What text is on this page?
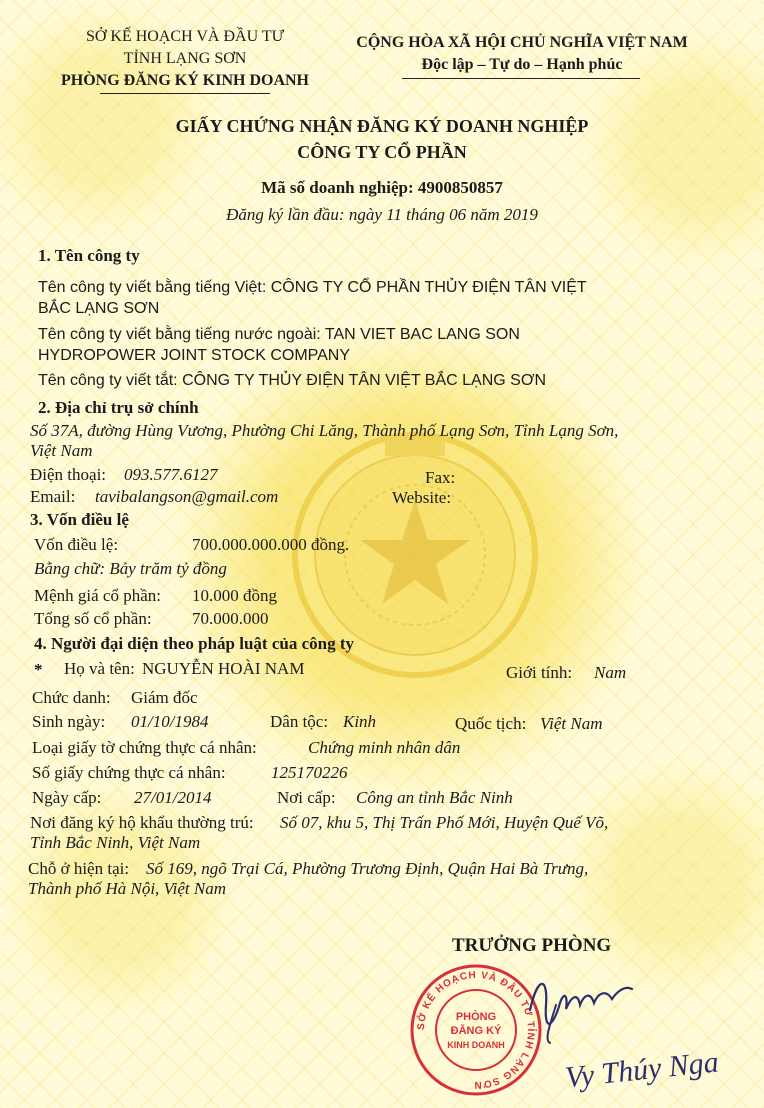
SỞ KẾ HOẠCH VÀ ĐẦU TƯ
TỈNH LẠNG SƠN
PHÒNG ĐĂNG KÝ KINH DOANH
CỘNG HÒA XÃ HỘI CHỦ NGHĨA VIỆT NAM
Độc lập – Tự do – Hạnh phúc
GIẤY CHỨNG NHẬN ĐĂNG KÝ DOANH NGHIỆP
CÔNG TY CỔ PHẦN
Mã số doanh nghiệp: 4900850857
Đăng ký lần đầu: ngày 11 tháng 06 năm 2019
1. Tên công ty
Tên công ty viết bằng tiếng Việt: CÔNG TY CỔ PHẦN THỦY ĐIỆN TÂN VIỆT
BẮC LẠNG SƠN
Tên công ty viết bằng tiếng nước ngoài: TAN VIET BAC LANG SON
HYDROPOWER JOINT STOCK COMPANY
Tên công ty viết tắt: CÔNG TY THỦY ĐIỆN TÂN VIỆT BẮC LẠNG SƠN
2. Địa chỉ trụ sở chính
Số 37A, đường Hùng Vương, Phường Chi Lăng, Thành phố Lạng Sơn, Tỉnh Lạng Sơn,
Việt Nam
Điện thoại: 093.577.6127	Fax:
Email: tavibalangson@gmail.com	Website:
3. Vốn điều lệ
Vốn điều lệ:	700.000.000.000 đồng.
Bằng chữ: Bảy trăm tỷ đồng
Mệnh giá cổ phần: 10.000 đồng
Tổng số cổ phần: 70.000.000
4. Người đại diện theo pháp luật của công ty
* Họ và tên: NGUYỄN HOÀI NAM	Giới tính: Nam
Chức danh: Giám đốc
Sinh ngày: 01/10/1984	Dân tộc: Kinh	Quốc tịch: Việt Nam
Loại giấy tờ chứng thực cá nhân:	Chứng minh nhân dân
Số giấy chứng thực cá nhân:	125170226
Ngày cấp: 27/01/2014	Nơi cấp: Công an tỉnh Bắc Ninh
Nơi đăng ký hộ khẩu thường trú: Số 07, khu 5, Thị Trấn Phố Mới, Huyện Quế Võ,
Tỉnh Bắc Ninh, Việt Nam
Chỗ ở hiện tại: Số 169, ngõ Trại Cá, Phường Trương Định, Quận Hai Bà Trưng,
Thành phố Hà Nội, Việt Nam
TRƯỞNG PHÒNG
SỞ KẾ HOẠCH VÀ ĐẦU TƯ TỈNH LẠNG SƠN
PHÒNG
ĐĂNG KÝ
KINH DOANH
Vy Thúy Nga
